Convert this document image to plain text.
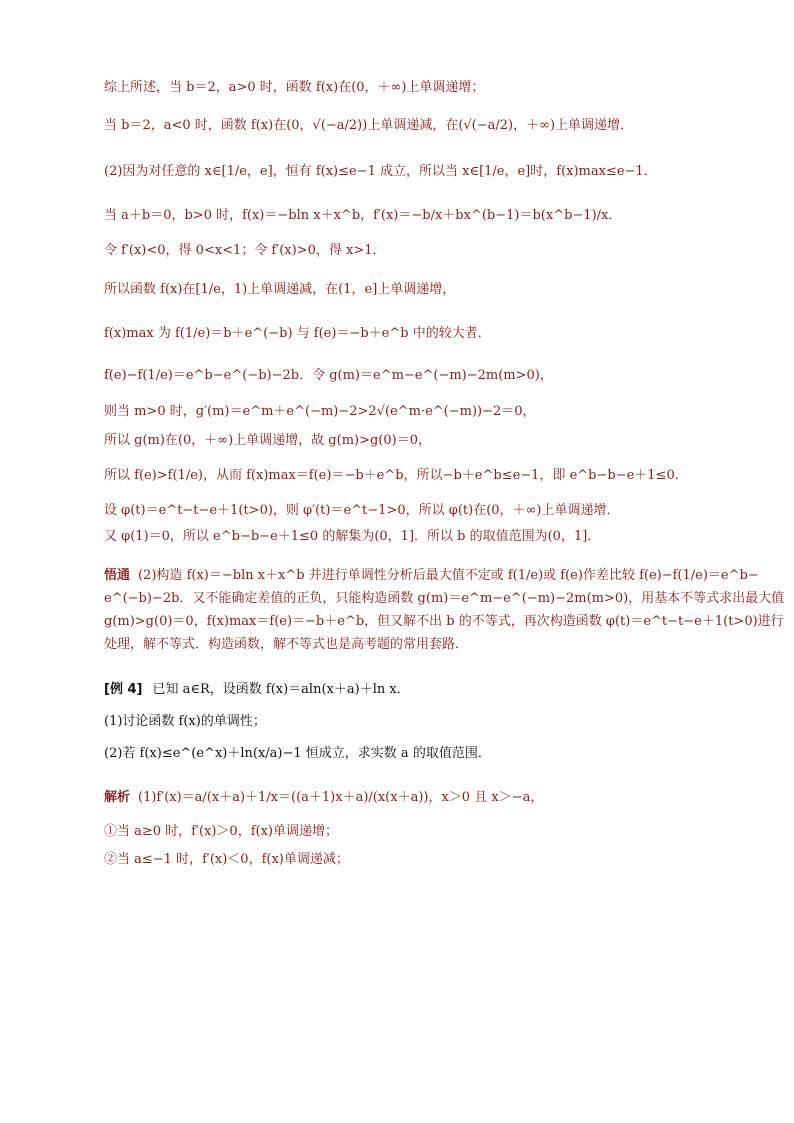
综上所述，当 b＝2，a>0 时，函数 f(x)在(0，＋∞)上单调递增；
当 b＝2，a<0 时，函数 f(x)在(0，√(−a/2))上单调递减，在(√(−a/2)，＋∞)上单调递增．
(2)因为对任意的 x∈[1/e，e]，恒有 f(x)≤e−1 成立，所以当 x∈[1/e，e]时，f(x)max≤e−1．
当 a＋b＝0，b>0 时，f(x)＝−bln x＋x^b，f′(x)＝−b/x＋bx^(b−1)＝b(x^b−1)/x．
令 f′(x)<0，得 0<x<1；令 f′(x)>0，得 x>1．
所以函数 f(x)在[1/e，1)上单调递减，在(1，e]上单调递增，
f(x)max 为 f(1/e)＝b＋e^(−b) 与 f(e)＝−b＋e^b 中的较大者．
f(e)−f(1/e)＝e^b−e^(−b)−2b．令 g(m)＝e^m−e^(−m)−2m(m>0)，
则当 m>0 时，g′(m)＝e^m＋e^(−m)−2>2√(e^m·e^(−m))−2＝0，
所以 g(m)在(0，＋∞)上单调递增，故 g(m)>g(0)＝0，
所以 f(e)>f(1/e)，从而 f(x)max＝f(e)＝−b＋e^b，所以−b＋e^b≤e−1，即 e^b−b−e＋1≤0．
设 φ(t)＝e^t−t−e＋1(t>0)，则 φ′(t)＝e^t−1>0，所以 φ(t)在(0，＋∞)上单调递增．
又 φ(1)＝0，所以 e^b−b−e＋1≤0 的解集为(0，1]．所以 b 的取值范围为(0，1]．
悟通 (2)构造 f(x)＝−bln x＋x^b 并进行单调性分析后最大值不定或 f(1/e)或 f(e)作差比较 f(e)−f(1/e)＝e^b−
e^(−b)−2b．又不能确定差值的正负，只能构造函数 g(m)＝e^m−e^(−m)−2m(m>0)，用基本不等式求出最大值
g(m)>g(0)＝0，f(x)max＝f(e)＝−b＋e^b，但又解不出 b 的不等式，再次构造函数 φ(t)＝e^t−t−e＋1(t>0)进行
处理，解不等式．构造函数，解不等式也是高考题的常用套路．
[例 4] 已知 a∈R，设函数 f(x)＝aln(x＋a)＋ln x．
(1)讨论函数 f(x)的单调性；
(2)若 f(x)≤e^(e^x)＋ln(x/a)−1 恒成立，求实数 a 的取值范围．
解析 (1)f′(x)＝a/(x＋a)＋1/x＝((a＋1)x＋a)/(x(x＋a))，x＞0 且 x＞−a，
①当 a≥0 时，f′(x)＞0，f(x)单调递增；
②当 a≤−1 时，f′(x)＜0，f(x)单调递减；
